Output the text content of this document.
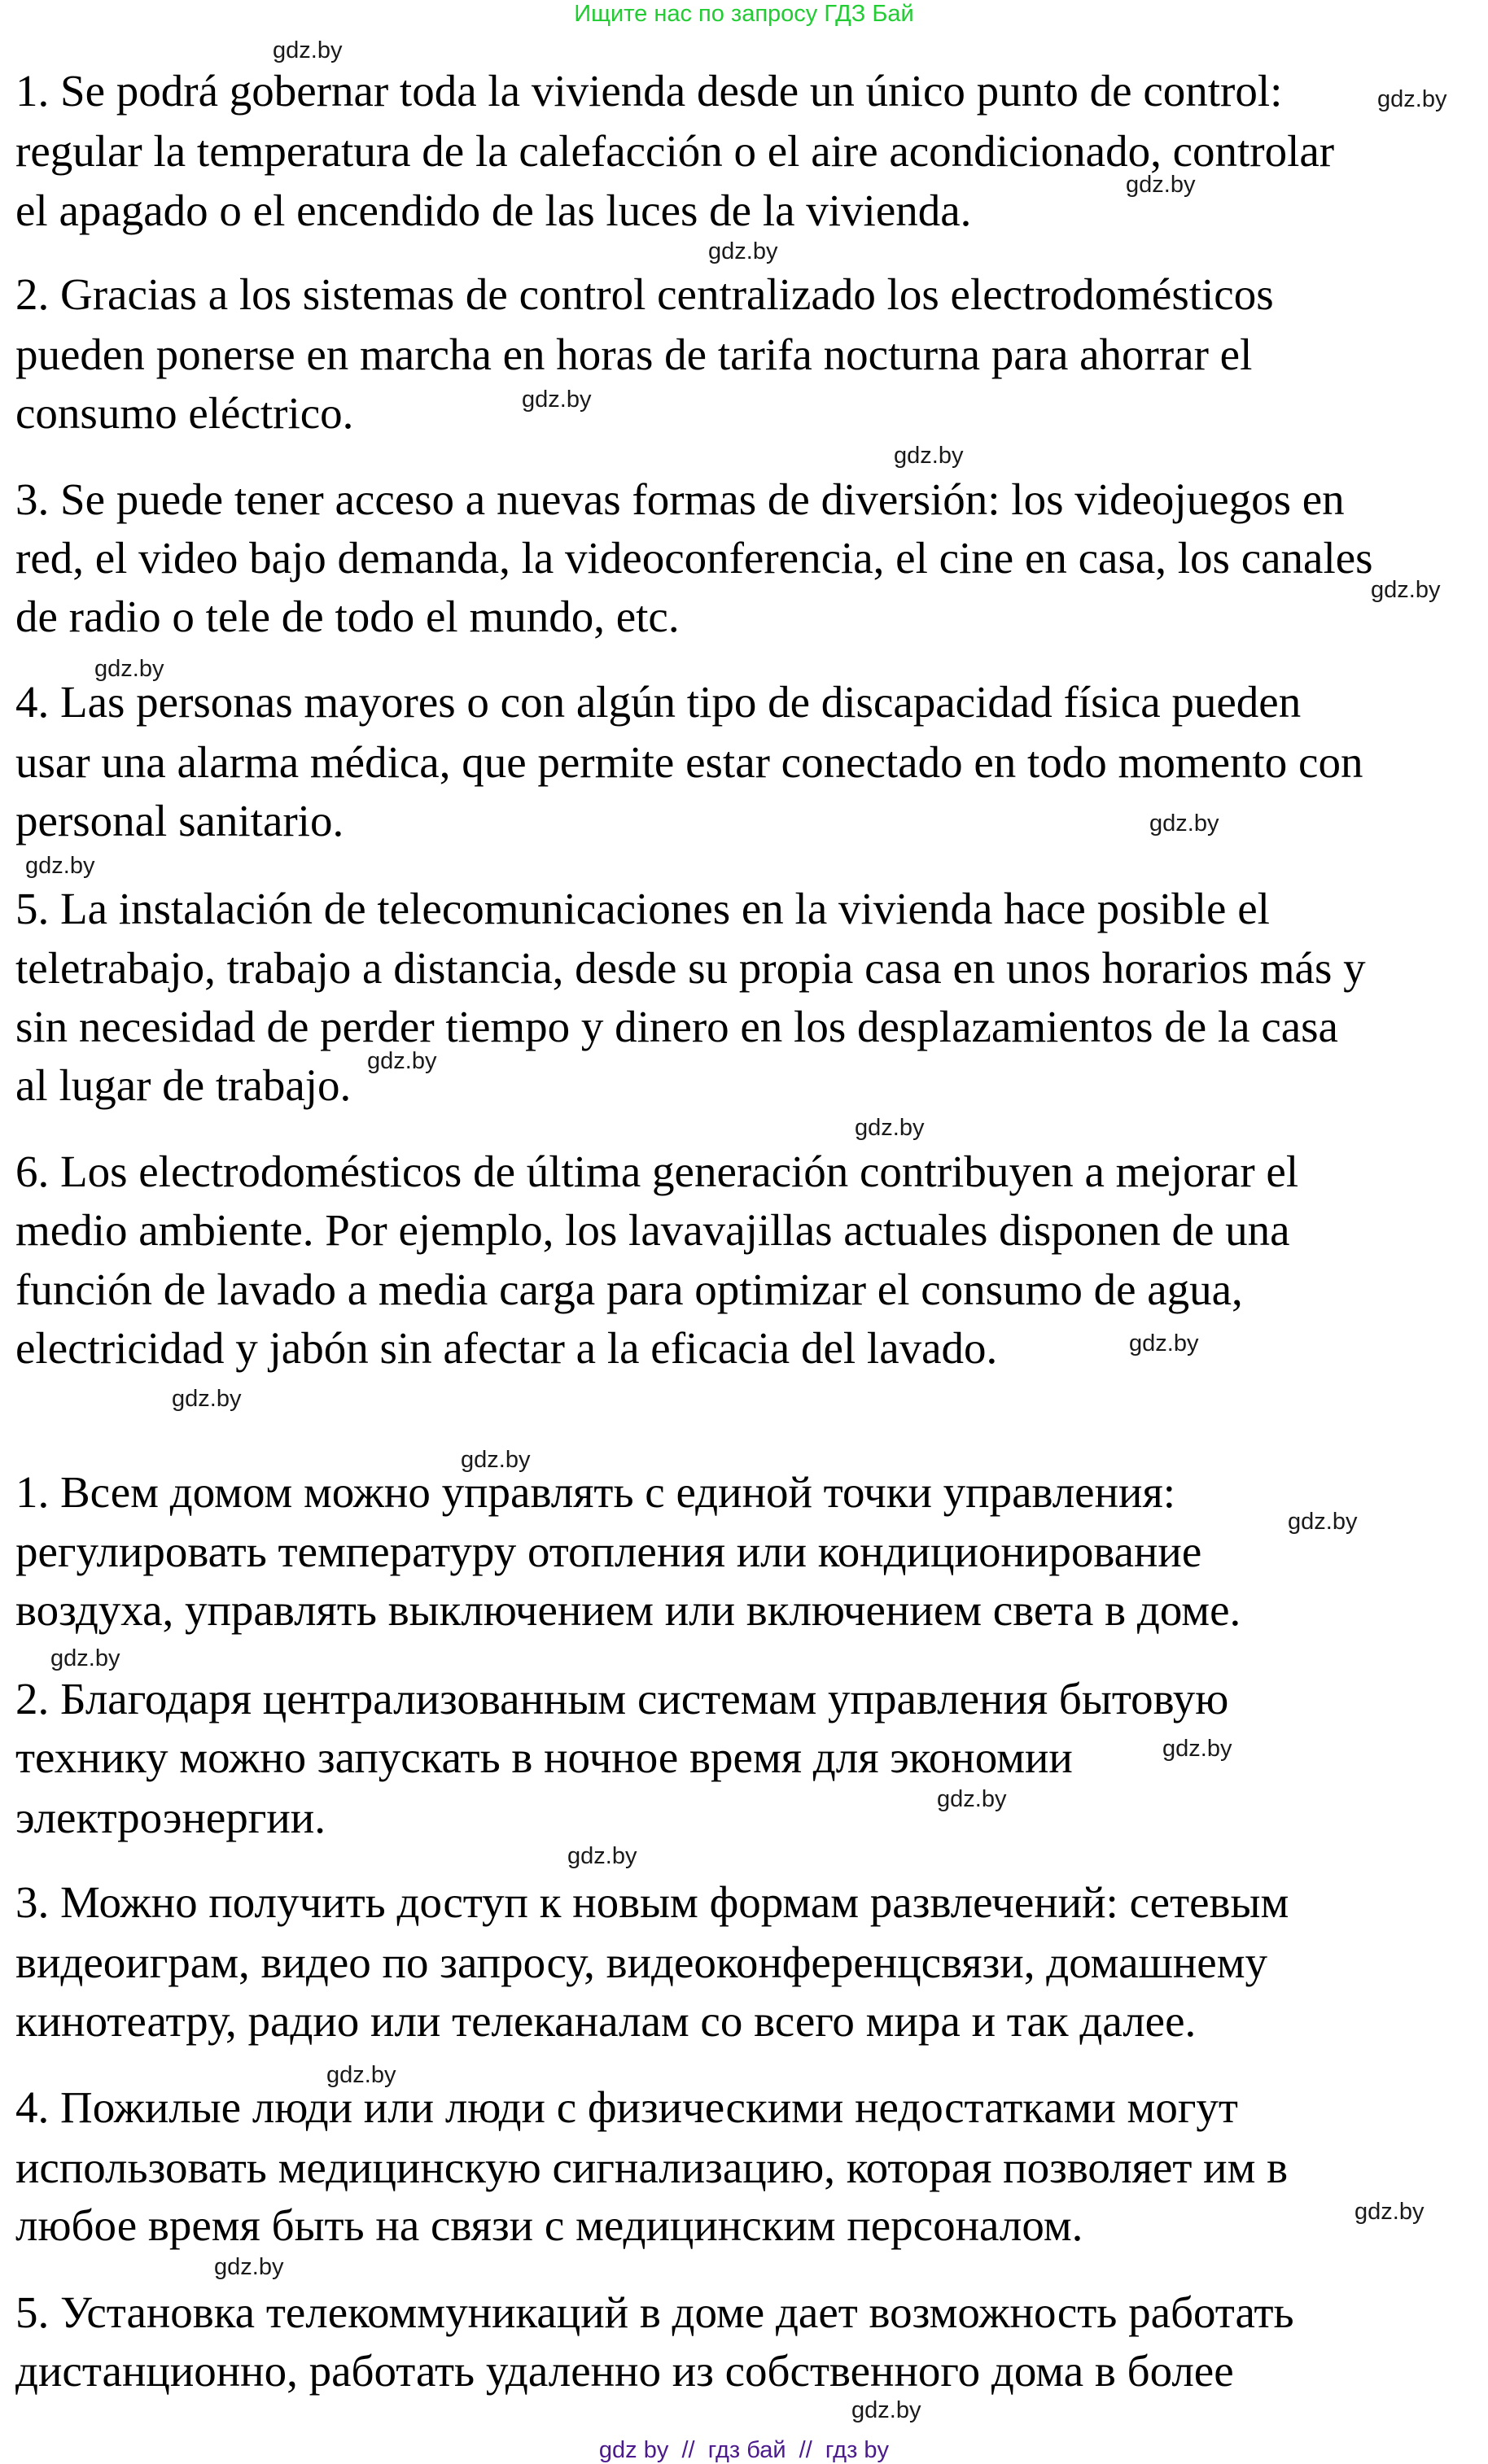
Ищите нас по запросу ГДЗ Бай
1. Se podrá gobernar toda la vivienda desde un único punto de control:
regular la temperatura de la calefacción o el aire acondicionado, controlar
el apagado o el encendido de las luces de la vivienda.
2. Gracias a los sistemas de control centralizado los electrodomésticos
pueden ponerse en marcha en horas de tarifa nocturna para ahorrar el
consumo eléctrico.
3. Se puede tener acceso a nuevas formas de diversión: los videojuegos en
red, el video bajo demanda, la videoconferencia, el cine en casa, los canales
de radio o tele de todo el mundo, etc.
4. Las personas mayores o con algún tipo de discapacidad física pueden
usar una alarma médica, que permite estar conectado en todo momento con
personal sanitario.
5. La instalación de telecomunicaciones en la vivienda hace posible el
teletrabajo, trabajo a distancia, desde su propia casa en unos horarios más y
sin necesidad de perder tiempo y dinero en los desplazamientos de la casa
al lugar de trabajo.
6. Los electrodomésticos de última generación contribuyen a mejorar el
medio ambiente. Por ejemplo, los lavavajillas actuales disponen de una
función de lavado a media carga para optimizar el consumo de agua,
electricidad y jabón sin afectar a la eficacia del lavado.
1. Всем домом можно управлять с единой точки управления:
регулировать температуру отопления или кондиционирование
воздуха, управлять выключением или включением света в доме.
2. Благодаря централизованным системам управления бытовую
технику можно запускать в ночное время для экономии
электроэнергии.
3. Можно получить доступ к новым формам развлечений: сетевым
видеоиграм, видео по запросу, видеоконференцсвязи, домашнему
кинотеатру, радио или телеканалам со всего мира и так далее.
4. Пожилые люди или люди с физическими недостатками могут
использовать медицинскую сигнализацию, которая позволяет им в
любое время быть на связи с медицинским персоналом.
5. Установка телекоммуникаций в доме дает возможность работать
дистанционно, работать удаленно из собственного дома в более
gdz.by
gdz.by
gdz.by
gdz.by
gdz.by
gdz.by
gdz.by
gdz.by
gdz.by
gdz.by
gdz.by
gdz.by
gdz.by
gdz.by
gdz.by
gdz.by
gdz.by
gdz.by
gdz.by
gdz.by
gdz.by
gdz.by
gdz.by
gdz.by
gdz by  //  гдз бай  //  гдз by
